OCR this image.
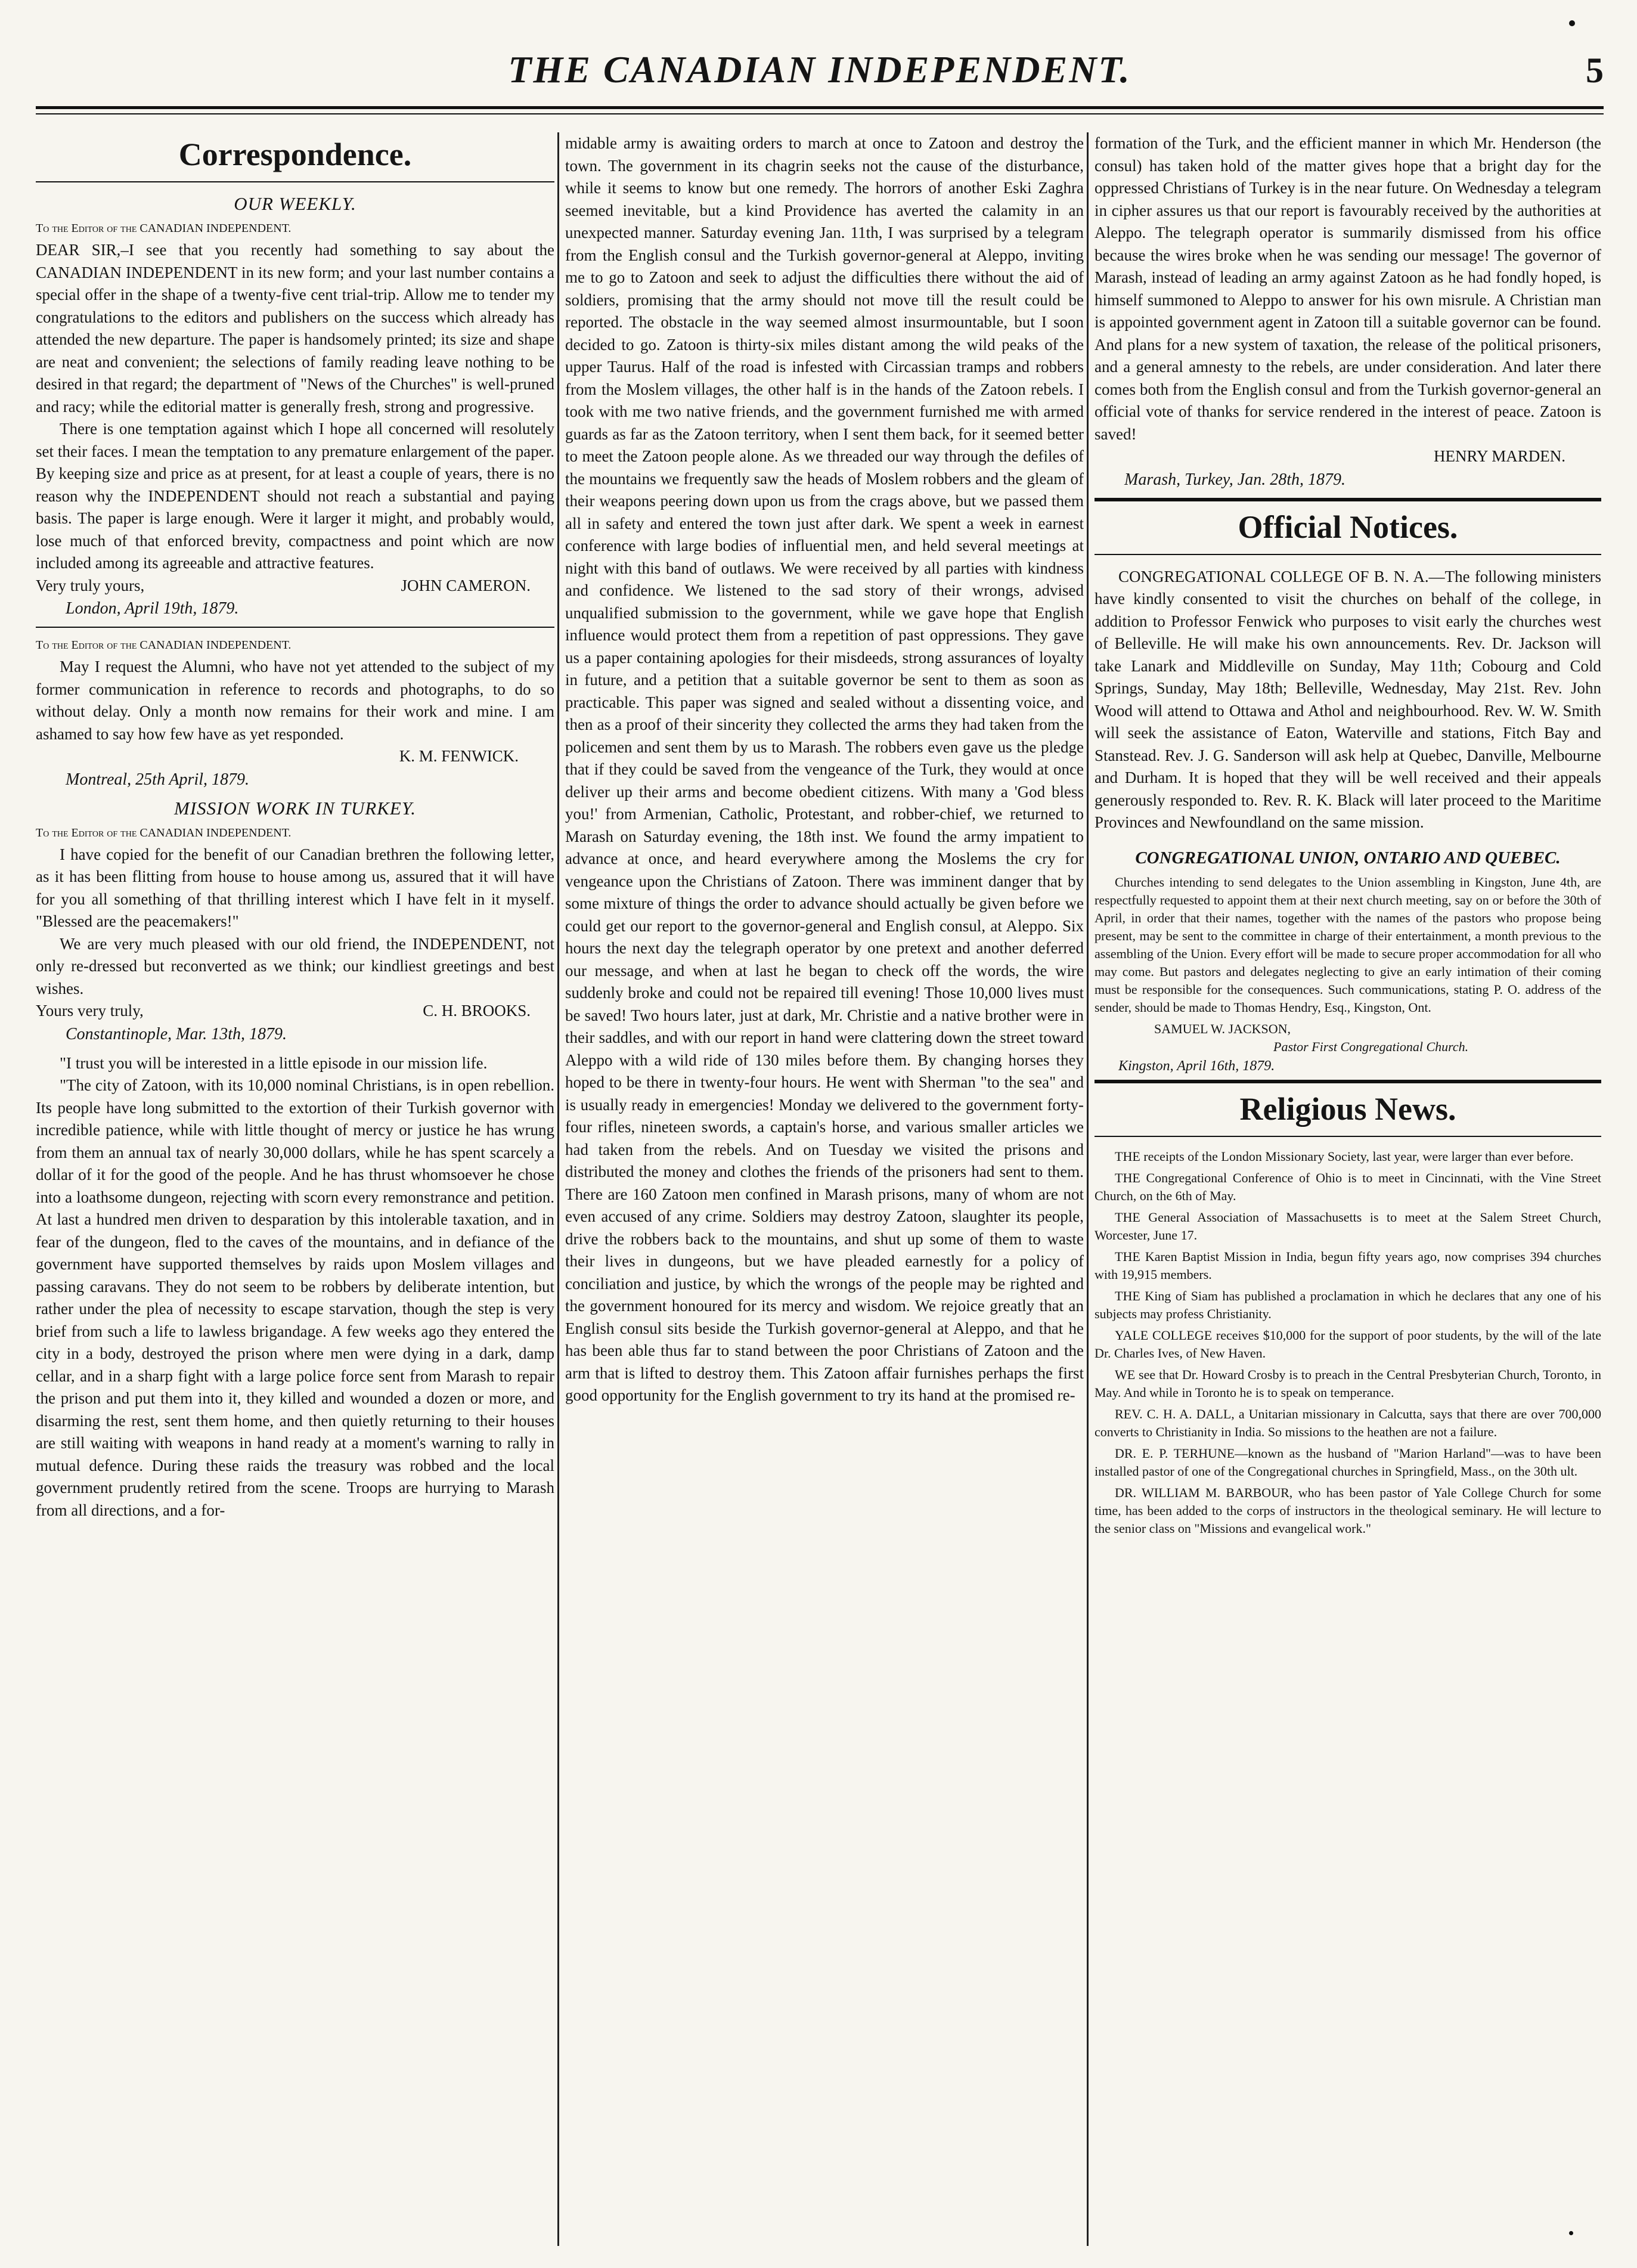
THE CANADIAN INDEPENDENT.	5
Correspondence.
OUR WEEKLY.
To the Editor of the CANADIAN INDEPENDENT.

DEAR SIR,–I see that you recently had something to say about the CANADIAN INDEPENDENT in its new form; and your last number contains a special offer in the shape of a twenty-five cent trial-trip. Allow me to tender my congratulations to the editors and publishers on the success which already has attended the new departure. The paper is handsomely printed; its size and shape are neat and convenient; the selections of family reading leave nothing to be desired in that regard; the department of "News of the Churches" is well-pruned and racy; while the editorial matter is generally fresh, strong and progressive.

There is one temptation against which I hope all concerned will resolutely set their faces. I mean the temptation to any premature enlargement of the paper. By keeping size and price as at present, for at least a couple of years, there is no reason why the INDEPENDENT should not reach a substantial and paying basis. The paper is large enough. Were it larger it might, and probably would, lose much of that enforced brevity, compactness and point which are now included among its agreeable and attractive features.

Very truly yours,	JOHN CAMERON.
London, April 19th, 1879.
To the Editor of the CANADIAN INDEPENDENT.

May I request the Alumni, who have not yet attended to the subject of my former communication in reference to records and photographs, to do so without delay. Only a month now remains for their work and mine. I am ashamed to say how few have as yet responded.

K. M. FENWICK.
Montreal, 25th April, 1879.
MISSION WORK IN TURKEY.
To the Editor of the CANADIAN INDEPENDENT.

I have copied for the benefit of our Canadian brethren the following letter, as it has been flitting from house to house among us, assured that it will have for you all something of that thrilling interest which I have felt in it myself. "Blessed are the peacemakers!"

We are very much pleased with our old friend, the INDEPENDENT, not only re-dressed but reconverted as we think; our kindliest greetings and best wishes.

Yours very truly,	C. H. BROOKS.
Constantinople, Mar. 13th, 1879.

"I trust you will be interested in a little episode in our mission life.

"The city of Zatoon, with its 10,000 nominal Christians, is in open rebellion. Its people have long submitted to the extortion of their Turkish governor with incredible patience, while with little thought of mercy or justice he has wrung from them an annual tax of nearly 30,000 dollars, while he has spent scarcely a dollar of it for the good of the people. And he has thrust whomsoever he chose into a loathsome dungeon, rejecting with scorn every remonstrance and petition. At last a hundred men driven to desparation by this intolerable taxation, and in fear of the dungeon, fled to the caves of the mountains, and in defiance of the government have supported themselves by raids upon Moslem villages and passing caravans. They do not seem to be robbers by deliberate intention, but rather under the plea of necessity to escape starvation, though the step is very brief from such a life to lawless brigandage. A few weeks ago they entered the city in a body, destroyed the prison where men were dying in a dark, damp cellar, and in a sharp fight with a large police force sent from Marash to repair the prison and put them into it, they killed and wounded a dozen or more, and disarming the rest, sent them home, and then quietly returning to their houses are still waiting with weapons in hand ready at a moment's warning to rally in mutual defence. During these raids the treasury was robbed and the local government prudently retired from the scene. Troops are hurrying to Marash from all directions, and a for-

midable army is awaiting orders to march at once to Zatoon and destroy the town. The government in its chagrin seeks not the cause of the disturbance, while it seems to know but one remedy. The horrors of another Eski Zaghra seemed inevitable, but a kind Providence has averted the calamity in an unexpected manner. Saturday evening Jan. 11th, I was surprised by a telegram from the English consul and the Turkish governor-general at Aleppo, inviting me to go to Zatoon and seek to adjust the difficulties there without the aid of soldiers, promising that the army should not move till the result could be reported. The obstacle in the way seemed almost insurmountable, but I soon decided to go. Zatoon is thirty-six miles distant among the wild peaks of the upper Taurus. Half of the road is infested with Circassian tramps and robbers from the Moslem villages, the other half is in the hands of the Zatoon rebels. I took with me two native friends, and the government furnished me with armed guards as far as the Zatoon territory, when I sent them back, for it seemed better to meet the Zatoon people alone. As we threaded our way through the defiles of the mountains we frequently saw the heads of Moslem robbers and the gleam of their weapons peering down upon us from the crags above, but we passed them all in safety and entered the town just after dark. We spent a week in earnest conference with large bodies of influential men, and held several meetings at night with this band of outlaws. We were received by all parties with kindness and confidence. We listened to the sad story of their wrongs, advised unqualified submission to the government, while we gave hope that English influence would protect them from a repetition of past oppressions. They gave us a paper containing apologies for their misdeeds, strong assurances of loyalty in future, and a petition that a suitable governor be sent to them as soon as practicable. This paper was signed and sealed without a dissenting voice, and then as a proof of their sincerity they collected the arms they had taken from the policemen and sent them by us to Marash. The robbers even gave us the pledge that if they could be saved from the vengeance of the Turk, they would at once deliver up their arms and become obedient citizens. With many a 'God bless you!' from Armenian, Catholic, Protestant, and robber-chief, we returned to Marash on Saturday evening, the 18th inst. We found the army impatient to advance at once, and heard everywhere among the Moslems the cry for vengeance upon the Christians of Zatoon. There was imminent danger that by some mixture of things the order to advance should actually be given before we could get our report to the governor-general and English consul, at Aleppo. Six hours the next day the telegraph operator by one pretext and another deferred our message, and when at last he began to check off the words, the wire suddenly broke and could not be repaired till evening! Those 10,000 lives must be saved! Two hours later, just at dark, Mr. Christie and a native brother were in their saddles, and with our report in hand were clattering down the street toward Aleppo with a wild ride of 130 miles before them. By changing horses they hoped to be there in twenty-four hours. He went with Sherman "to the sea" and is usually ready in emergencies! Monday we delivered to the government forty-four rifles, nineteen swords, a captain's horse, and various smaller articles we had taken from the rebels. And on Tuesday we visited the prisons and distributed the money and clothes the friends of the prisoners had sent to them. There are 160 Zatoon men confined in Marash prisons, many of whom are not even accused of any crime. Soldiers may destroy Zatoon, slaughter its people, drive the robbers back to the mountains, and shut up some of them to waste their lives in dungeons, but we have pleaded earnestly for a policy of conciliation and justice, by which the wrongs of the people may be righted and the government honoured for its mercy and wisdom. We rejoice greatly that an English consul sits beside the Turkish governor-general at Aleppo, and that he has been able thus far to stand between the poor Christians of Zatoon and the arm that is lifted to destroy them. This Zatoon affair furnishes perhaps the first good opportunity for the English government to try its hand at the promised re-

formation of the Turk, and the efficient manner in which Mr. Henderson (the consul) has taken hold of the matter gives hope that a bright day for the oppressed Christians of Turkey is in the near future. On Wednesday a telegram in cipher assures us that our report is favourably received by the authorities at Aleppo. The telegraph operator is summarily dismissed from his office because the wires broke when he was sending our message! The governor of Marash, instead of leading an army against Zatoon as he had fondly hoped, is himself summoned to Aleppo to answer for his own misrule. A Christian man is appointed government agent in Zatoon till a suitable governor can be found. And plans for a new system of taxation, the release of the political prisoners, and a general amnesty to the rebels, are under consideration. And later there comes both from the English consul and from the Turkish governor-general an official vote of thanks for service rendered in the interest of peace. Zatoon is saved!

HENRY MARDEN.
Marash, Turkey, Jan. 28th, 1879.
Official Notices.

CONGREGATIONAL COLLEGE OF B. N. A.—The following ministers have kindly consented to visit the churches on behalf of the college, in addition to Professor Fenwick who purposes to visit early the churches west of Belleville. He will make his own announcements. Rev. Dr. Jackson will take Lanark and Middleville on Sunday, May 11th; Cobourg and Cold Springs, Sunday, May 18th; Belleville, Wednesday, May 21st. Rev. John Wood will attend to Ottawa and Athol and neighbourhood. Rev. W. W. Smith will seek the assistance of Eaton, Waterville and stations, Fitch Bay and Stanstead. Rev. J. G. Sanderson will ask help at Quebec, Danville, Melbourne and Durham. It is hoped that they will be well received and their appeals generously responded to. Rev. R. K. Black will later proceed to the Maritime Provinces and Newfoundland on the same mission.

CONGREGATIONAL UNION, ONTARIO AND QUEBEC.

Churches intending to send delegates to the Union assembling in Kingston, June 4th, are respectfully requested to appoint them at their next church meeting, say on or before the 30th of April, in order that their names, together with the names of the pastors who propose being present, may be sent to the committee in charge of their entertainment, a month previous to the assembling of the Union. Every effort will be made to secure proper accommodation for all who may come. But pastors and delegates neglecting to give an early intimation of their coming must be responsible for the consequences. Such communications, stating P. O. address of the sender, should be made to Thomas Hendry, Esq., Kingston, Ont.

SAMUEL W. JACKSON,
Pastor First Congregational Church.
Kingston, April 16th, 1879.
Religious News.

THE receipts of the London Missionary Society, last year, were larger than ever before.

THE Congregational Conference of Ohio is to meet in Cincinnati, with the Vine Street Church, on the 6th of May.

THE General Association of Massachusetts is to meet at the Salem Street Church, Worcester, June 17.

THE Karen Baptist Mission in India, begun fifty years ago, now comprises 394 churches with 19,915 members.

THE King of Siam has published a proclamation in which he declares that any one of his subjects may profess Christianity.

YALE COLLEGE receives $10,000 for the support of poor students, by the will of the late Dr. Charles Ives, of New Haven.

WE see that Dr. Howard Crosby is to preach in the Central Presbyterian Church, Toronto, in May. And while in Toronto he is to speak on temperance.

REV. C. H. A. DALL, a Unitarian missionary in Calcutta, says that there are over 700,000 converts to Christianity in India. So missions to the heathen are not a failure.

DR. E. P. TERHUNE—known as the husband of "Marion Harland"—was to have been installed pastor of one of the Congregational churches in Springfield, Mass., on the 30th ult.

DR. WILLIAM M. BARBOUR, who has been pastor of Yale College Church for some time, has been added to the corps of instructors in the theological seminary. He will lecture to the senior class on "Missions and evangelical work."
